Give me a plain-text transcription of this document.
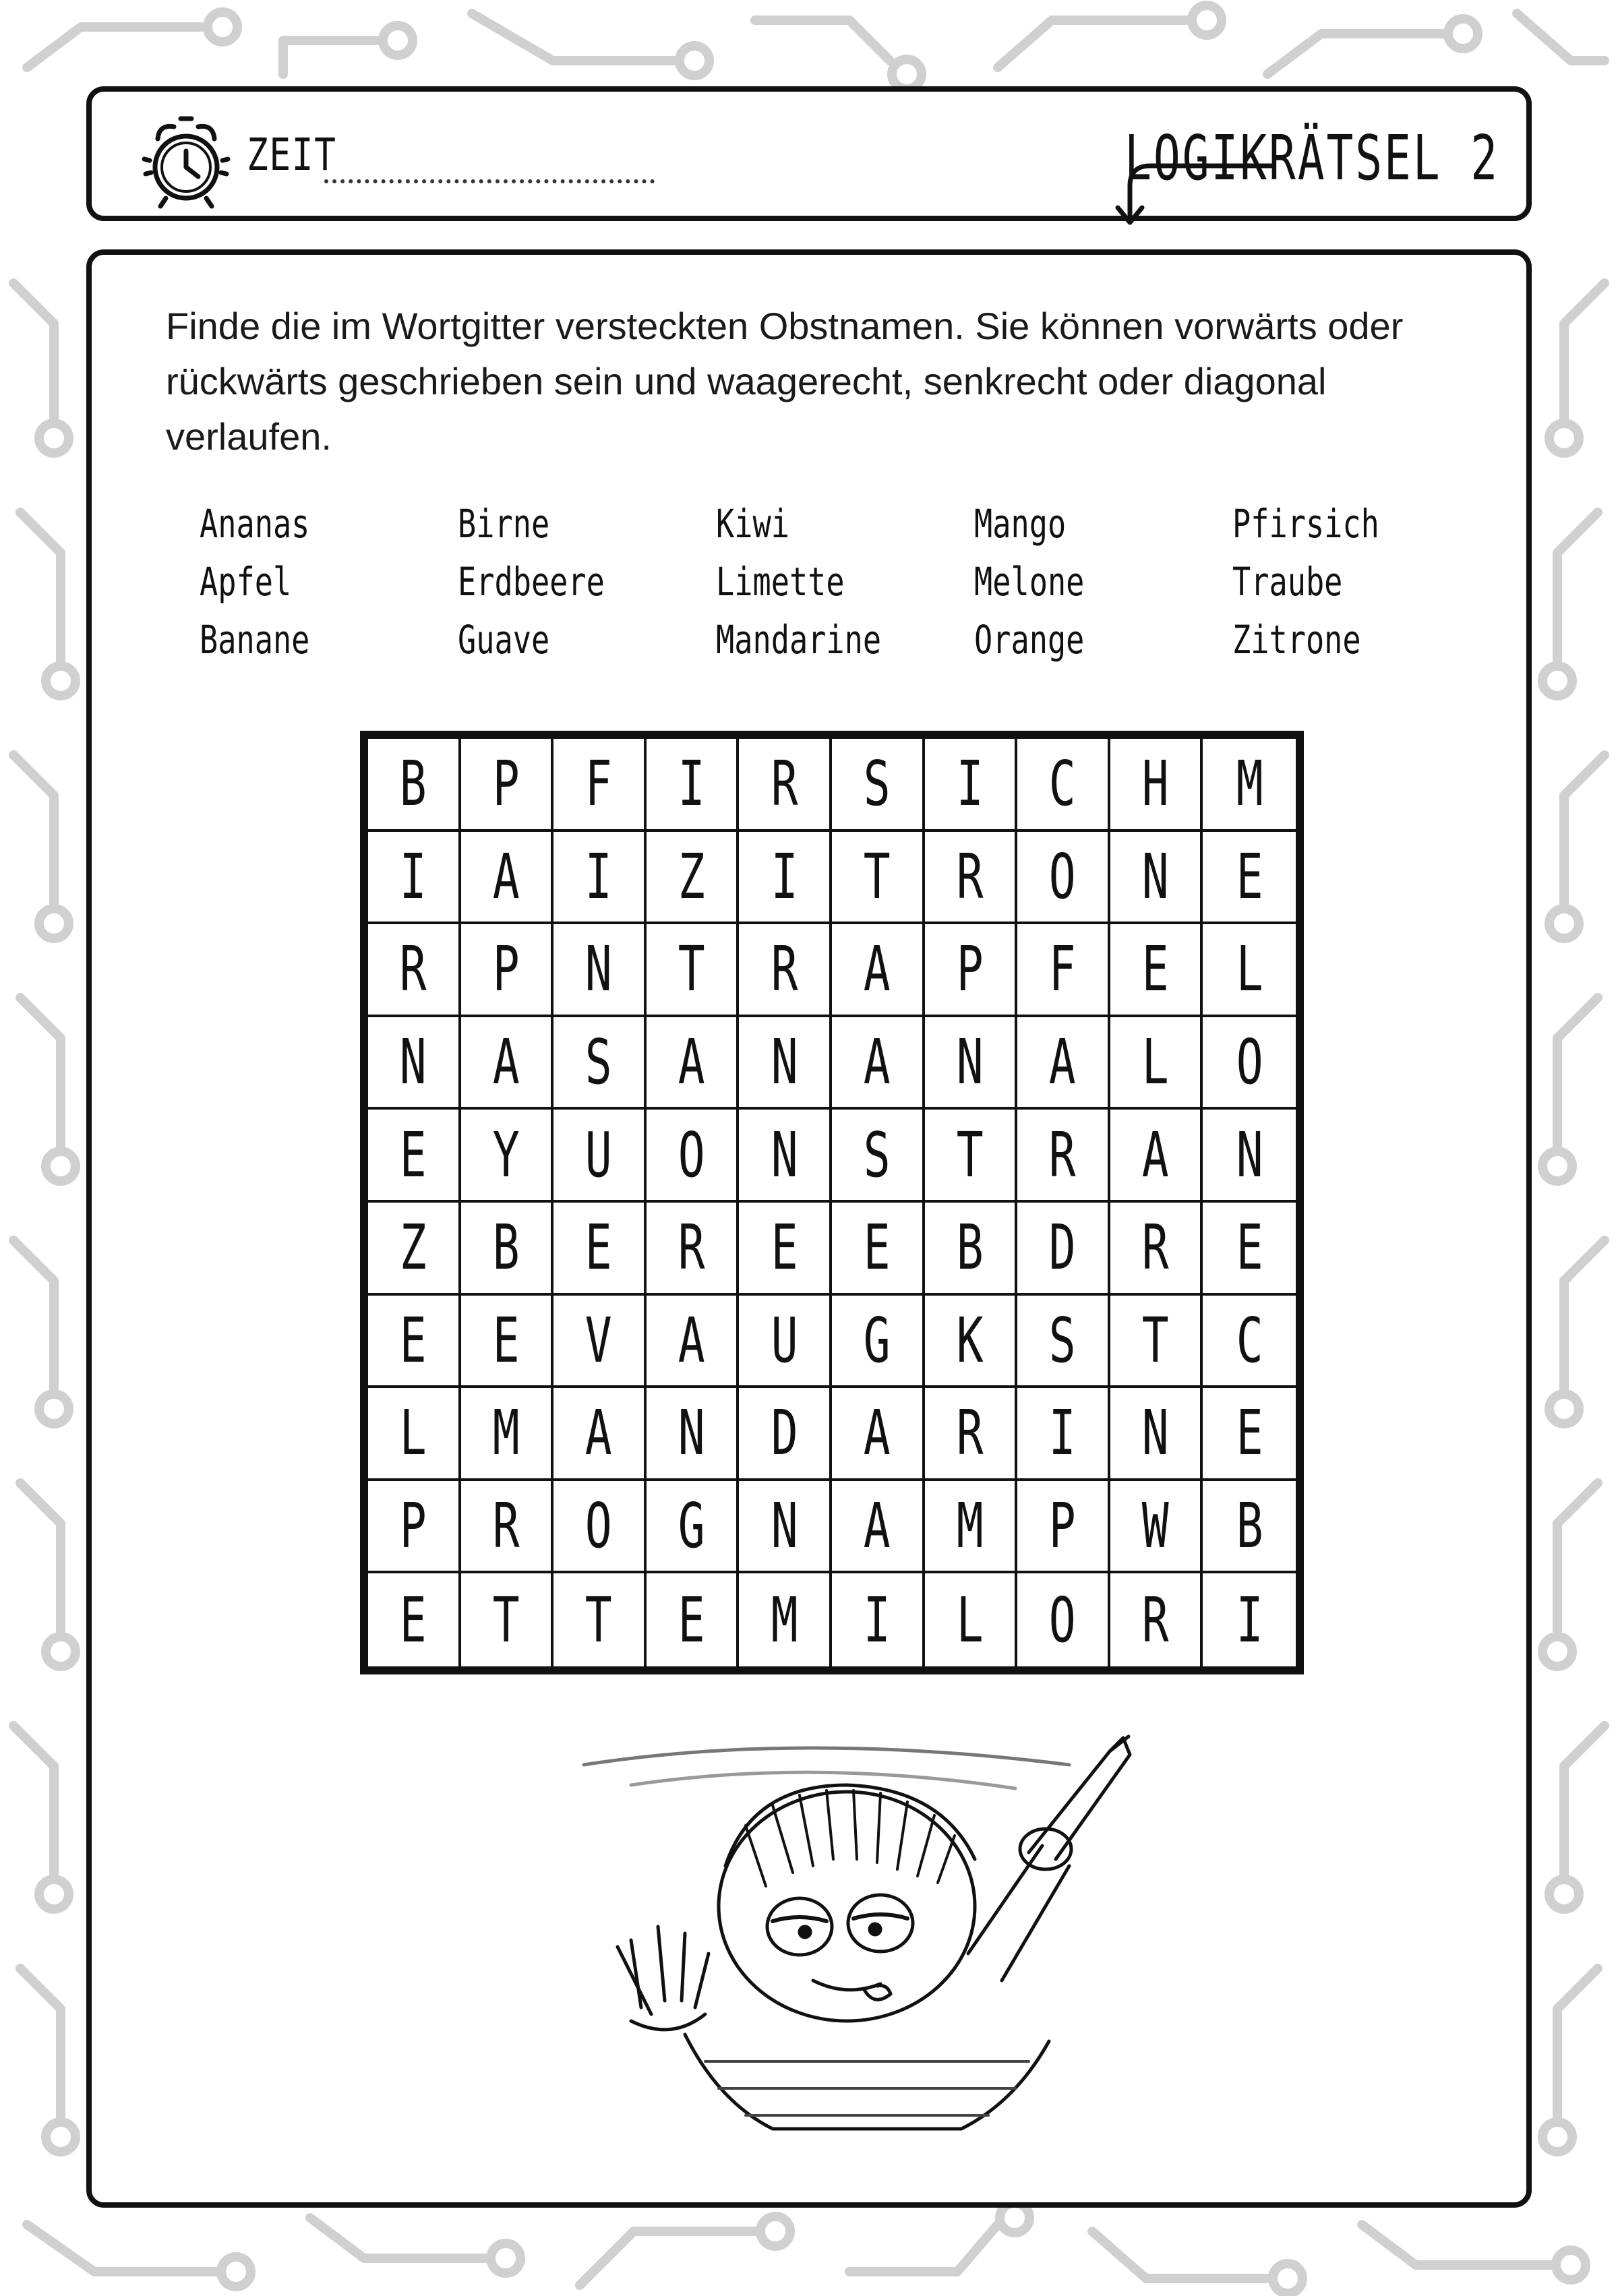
ZEIT	LOGIKRÄTSEL 2
Finde die im Wortgitter versteckten Obstnamen. Sie können vorwärts oder rückwärts geschrieben sein und waagerecht, senkrecht oder diagonal verlaufen.
Ananas
Apfel
Banane
Birne
Erdbeere
Guave
Kiwi
Limette
Mandarine
Mango
Melone
Orange
Pfirsich
Traube
Zitrone
B P F I R S I C H M
I A I Z I T R O N E
R P N T R A P F E L
N A S A N A N A L O
E Y U O N S T R A N
Z B E R E E B D R E
E E V A U G K S T C
L M A N D A R I N E
P R O G N A M P W B
E T T E M I L O R I
